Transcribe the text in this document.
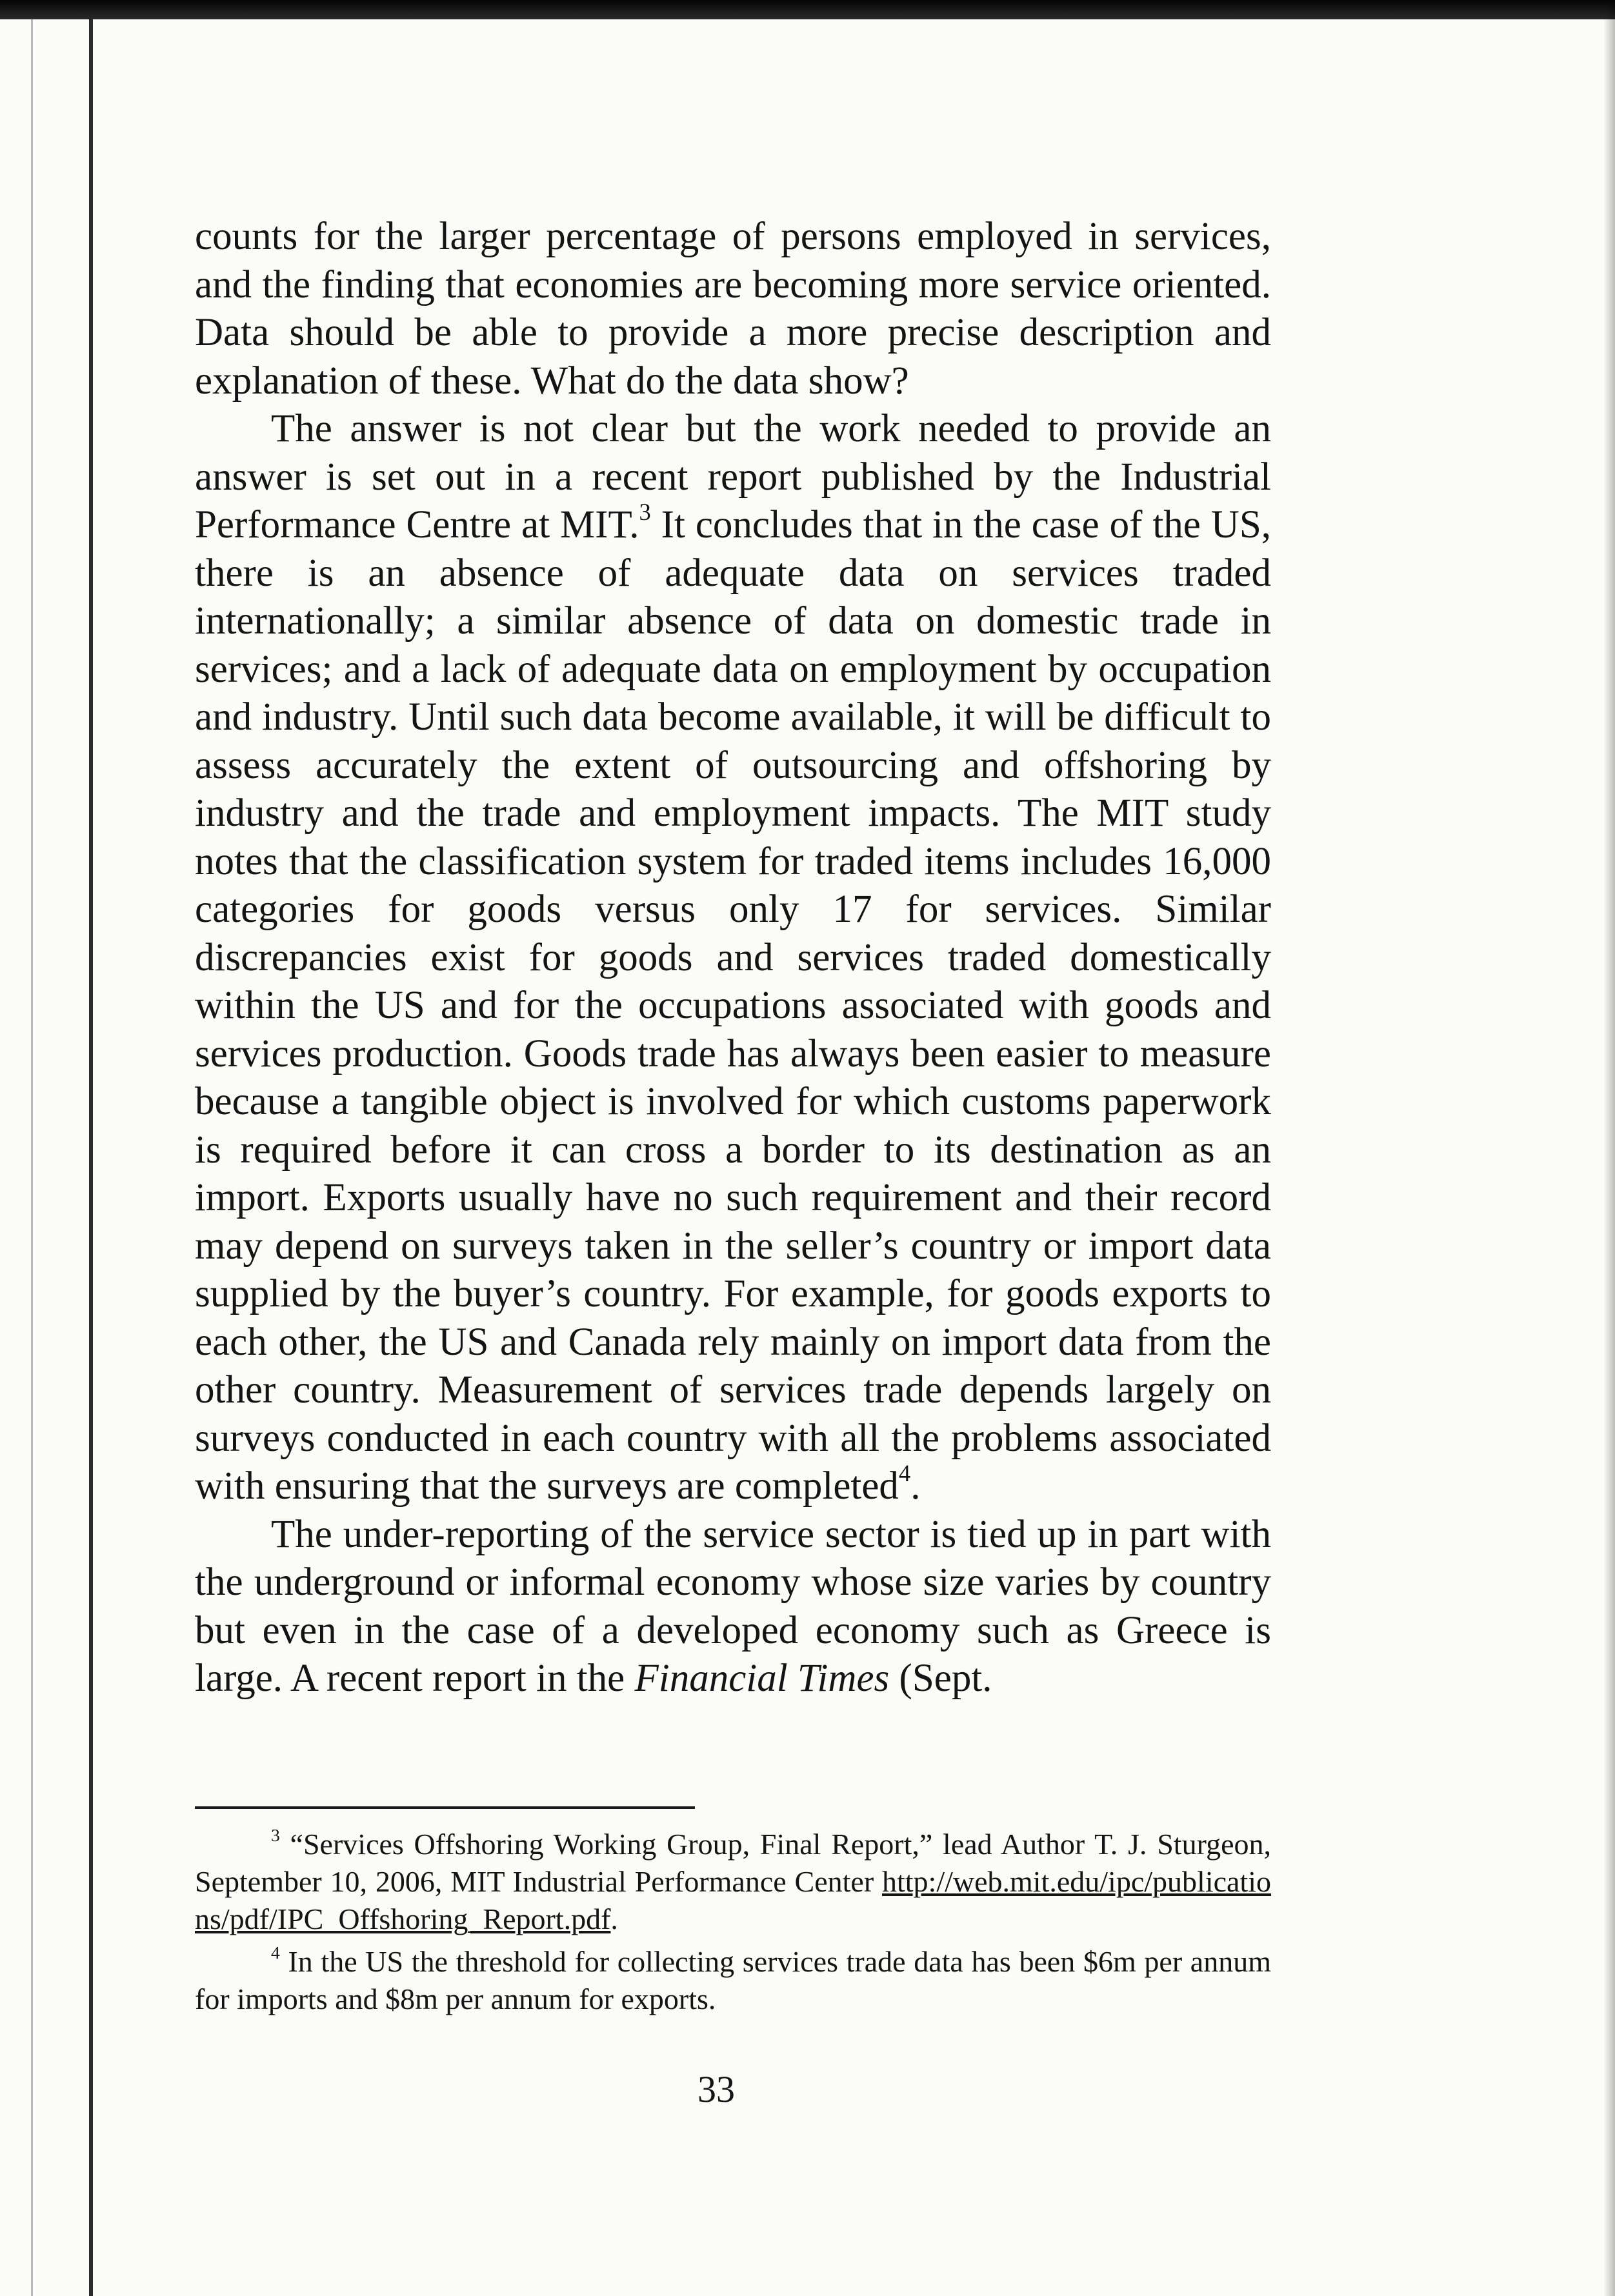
counts for the larger percentage of persons employed in services, and the finding that economies are becoming more service oriented. Data should be able to provide a more precise description and explanation of these. What do the data show?

The answer is not clear but the work needed to provide an answer is set out in a recent report published by the Industrial Performance Centre at MIT.$^3$ It concludes that in the case of the US, there is an absence of adequate data on services traded internationally; a similar absence of data on domestic trade in services; and a lack of adequate data on employment by occupation and industry. Until such data become available, it will be difficult to assess accurately the extent of outsourcing and offshoring by industry and the trade and employment impacts. The MIT study notes that the classification system for traded items includes 16,000 categories for goods versus only 17 for services. Similar discrepancies exist for goods and services traded domestically within the US and for the occupations associated with goods and services production. Goods trade has always been easier to measure because a tangible object is involved for which customs paperwork is required before it can cross a border to its destination as an import. Exports usually have no such requirement and their record may depend on surveys taken in the seller’s country or import data supplied by the buyer’s country. For example, for goods exports to each other, the US and Canada rely mainly on import data from the other country. Measurement of services trade depends largely on surveys conducted in each country with all the problems associated with ensuring that the surveys are completed$^4$.

The under-reporting of the service sector is tied up in part with the underground or informal economy whose size varies by country but even in the case of a developed economy such as Greece is large. A recent report in the Financial Times (Sept.

$^3$ “Services Offshoring Working Group, Final Report,” lead Author T. J. Sturgeon, September 10, 2006, MIT Industrial Performance Center http://web.mit.edu/ipc/publications/pdf/IPC_Offshoring_Report.pdf.

$^4$ In the US the threshold for collecting services trade data has been $6m per annum for imports and $8m per annum for exports.

33
